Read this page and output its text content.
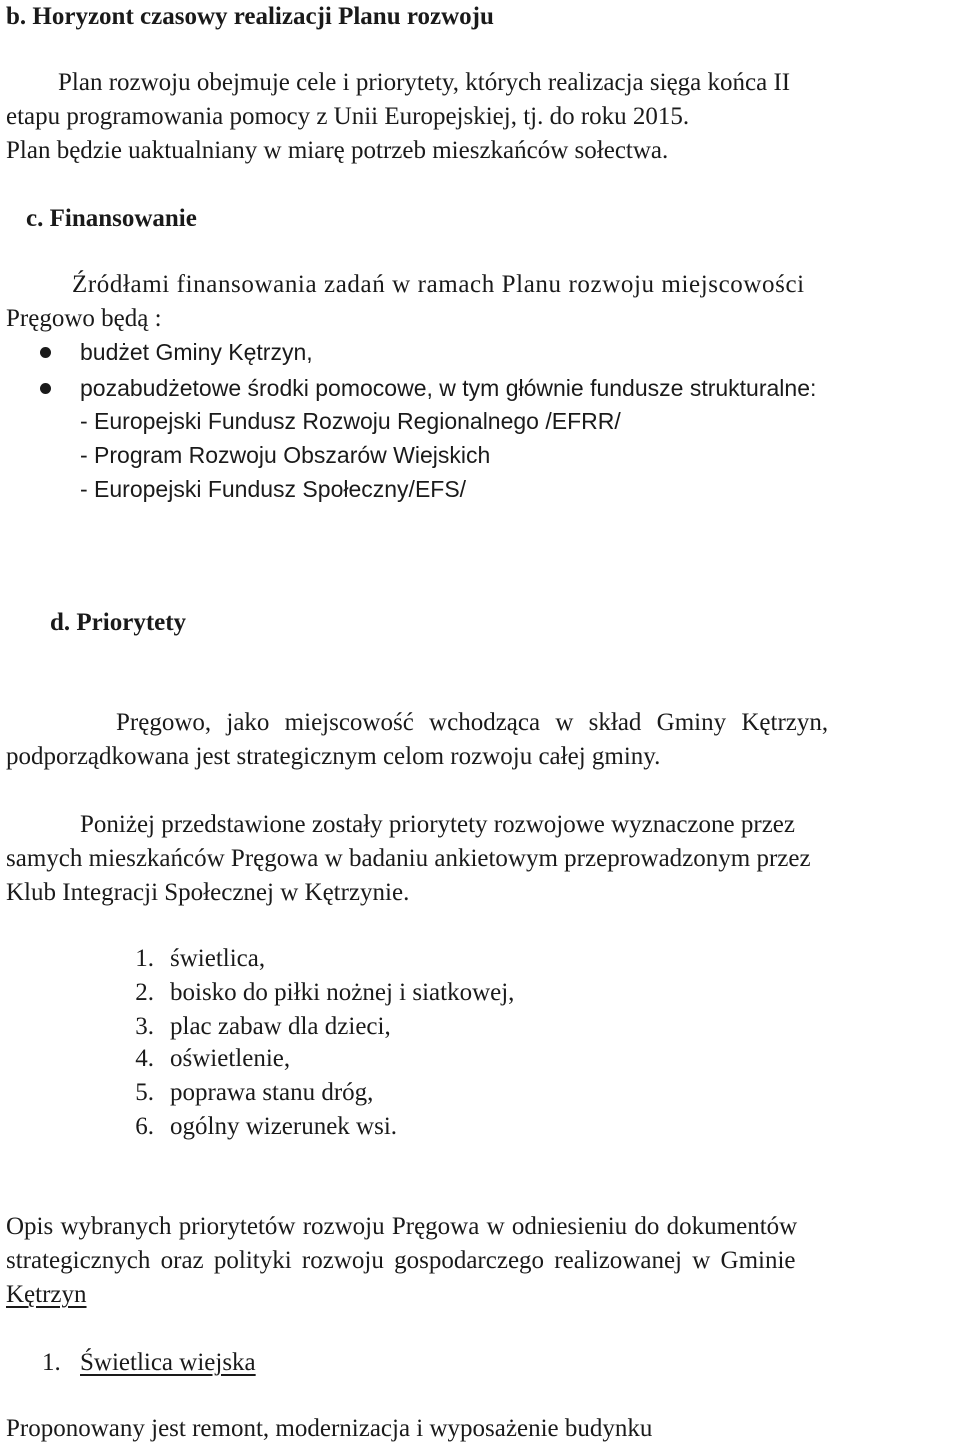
b. Horyzont czasowy realizacji Planu rozwoju
Plan rozwoju obejmuje cele i priorytety, których realizacja sięga końca II
etapu programowania pomocy z Unii Europejskiej, tj. do roku 2015.
Plan będzie uaktualniany w miarę potrzeb mieszkańców sołectwa.
c. Finansowanie
Źródłami finansowania zadań w ramach Planu rozwoju miejscowości
Pręgowo będą :
budżet Gminy Kętrzyn,
pozabudżetowe środki pomocowe, w tym głównie fundusze strukturalne:
- Europejski Fundusz Rozwoju Regionalnego /EFRR/
- Program Rozwoju Obszarów Wiejskich
- Europejski Fundusz Społeczny/EFS/
d. Priorytety
Pręgowo, jako miejscowość wchodząca w skład Gminy Kętrzyn,
podporządkowana jest strategicznym celom rozwoju całej gminy.
Poniżej przedstawione zostały priorytety rozwojowe wyznaczone przez
samych mieszkańców Pręgowa w badaniu ankietowym przeprowadzonym przez
Klub Integracji Społecznej w Kętrzynie.
1. świetlica,
2. boisko do piłki nożnej i siatkowej,
3. plac zabaw dla dzieci,
4. oświetlenie,
5. poprawa stanu dróg,
6. ogólny wizerunek wsi.
Opis wybranych priorytetów rozwoju Pręgowa w odniesieniu do dokumentów
strategicznych oraz polityki rozwoju gospodarczego realizowanej w Gminie
Kętrzyn
1. Świetlica wiejska
Proponowany jest remont, modernizacja i wyposażenie budynku
